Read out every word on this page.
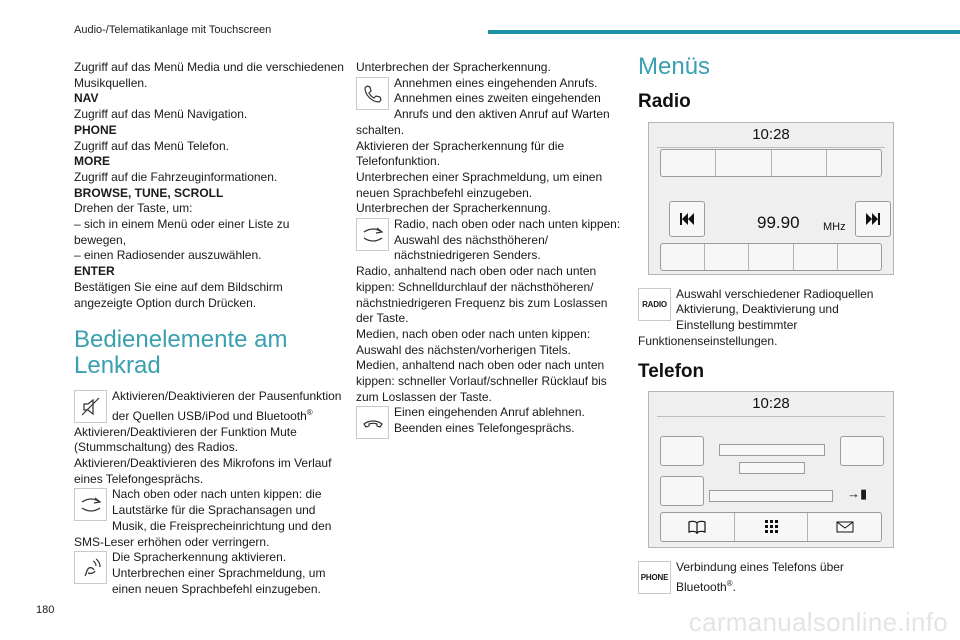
Audio-/Telematikanlage mit Touchscreen
Zugriff auf das Menü Media und die verschiedenen Musikquellen.
NAV
Zugriff auf das Menü Navigation.
PHONE
Zugriff auf das Menü Telefon.
MORE
Zugriff auf die Fahrzeuginformationen.
BROWSE, TUNE, SCROLL
Drehen der Taste, um:
– sich in einem Menü oder einer Liste zu bewegen,
– einen Radiosender auszuwählen.
ENTER
Bestätigen Sie eine auf dem Bildschirm angezeigte Option durch Drücken.
Bedienelemente am Lenkrad
Aktivieren/Deaktivieren der Pausenfunktion der Quellen USB/iPod und Bluetooth®
Aktivieren/Deaktivieren der Funktion Mute (Stummschaltung) des Radios.
Aktivieren/Deaktivieren des Mikrofons im Verlauf eines Telefongesprächs.
Nach oben oder nach unten kippen: die Lautstärke für die Sprachansagen und Musik, die Freisprecheinrichtung und den SMS-Leser erhöhen oder verringern.
Die Spracherkennung aktivieren. Unterbrechen einer Sprachmeldung, um einen neuen Sprachbefehl einzugeben.
Unterbrechen der Spracherkennung.
Annehmen eines eingehenden Anrufs. Annehmen eines zweiten eingehenden Anrufs und den aktiven Anruf auf Warten schalten.
Aktivieren der Spracherkennung für die Telefonfunktion.
Unterbrechen einer Sprachmeldung, um einen neuen Sprachbefehl einzugeben.
Unterbrechen der Spracherkennung.
Radio, nach oben oder nach unten kippen: Auswahl des nächsthöheren/ nächstniedrigeren Senders.
Radio, anhaltend nach oben oder nach unten kippen: Schnelldurchlauf der nächsthöheren/ nächstniedrigeren Frequenz bis zum Loslassen der Taste.
Medien, nach oben oder nach unten kippen: Auswahl des nächsten/vorherigen Titels.
Medien, anhaltend nach oben oder nach unten kippen: schneller Vorlauf/schneller Rücklauf bis zum Loslassen der Taste.
Einen eingehenden Anruf ablehnen. Beenden eines Telefongesprächs.
Menüs
Radio
10:28
99.90 MHz
RADIO
Auswahl verschiedener Radioquellen Aktivierung, Deaktivierung und Einstellung bestimmter Funktionenseinstellungen.
Telefon
10:28
→▮
PHONE
Verbindung eines Telefons über Bluetooth®.
180	carmanualsonline.info
